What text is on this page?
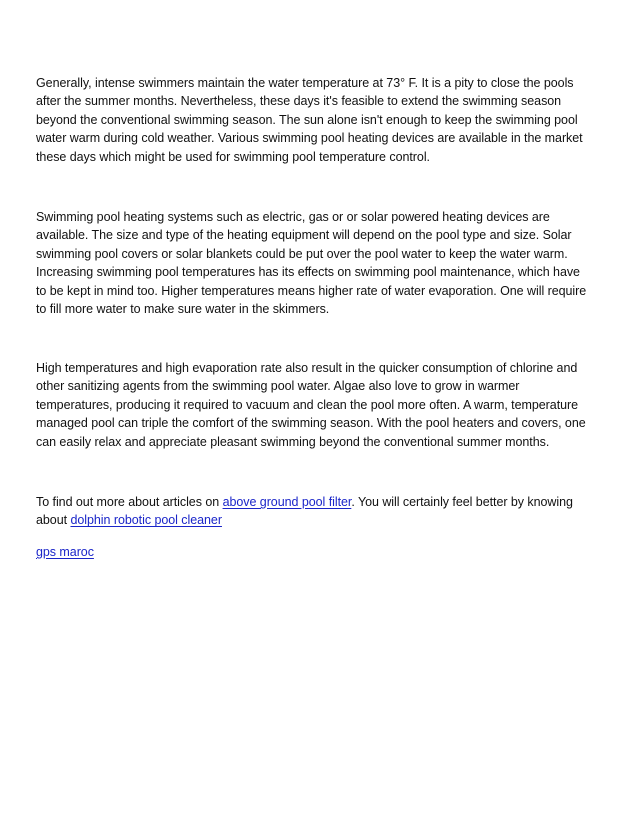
Generally, intense swimmers maintain the water temperature at 73° F. It is a pity to close the pools
after the summer months. Nevertheless, these days it's feasible to extend the swimming season
beyond the conventional swimming season. The sun alone isn't enough to keep the swimming pool
water warm during cold weather. Various swimming pool heating devices are available in the market
these days which might be used for swimming pool temperature control.

Swimming pool heating systems such as electric, gas or or solar powered heating devices are
available. The size and type of the heating equipment will depend on the pool type and size. Solar
swimming pool covers or solar blankets could be put over the pool water to keep the water warm.
Increasing swimming pool temperatures has its effects on swimming pool maintenance, which have
to be kept in mind too. Higher temperatures means higher rate of water evaporation. One will require
to fill more water to make sure water in the skimmers.

High temperatures and high evaporation rate also result in the quicker consumption of chlorine and
other sanitizing agents from the swimming pool water. Algae also love to grow in warmer
temperatures, producing it required to vacuum and clean the pool more often. A warm, temperature
managed pool can triple the comfort of the swimming season. With the pool heaters and covers, one
can easily relax and appreciate pleasant swimming beyond the conventional summer months.

To find out more about articles on above ground pool filter. You will certainly feel better by knowing
about dolphin robotic pool cleaner

gps maroc
